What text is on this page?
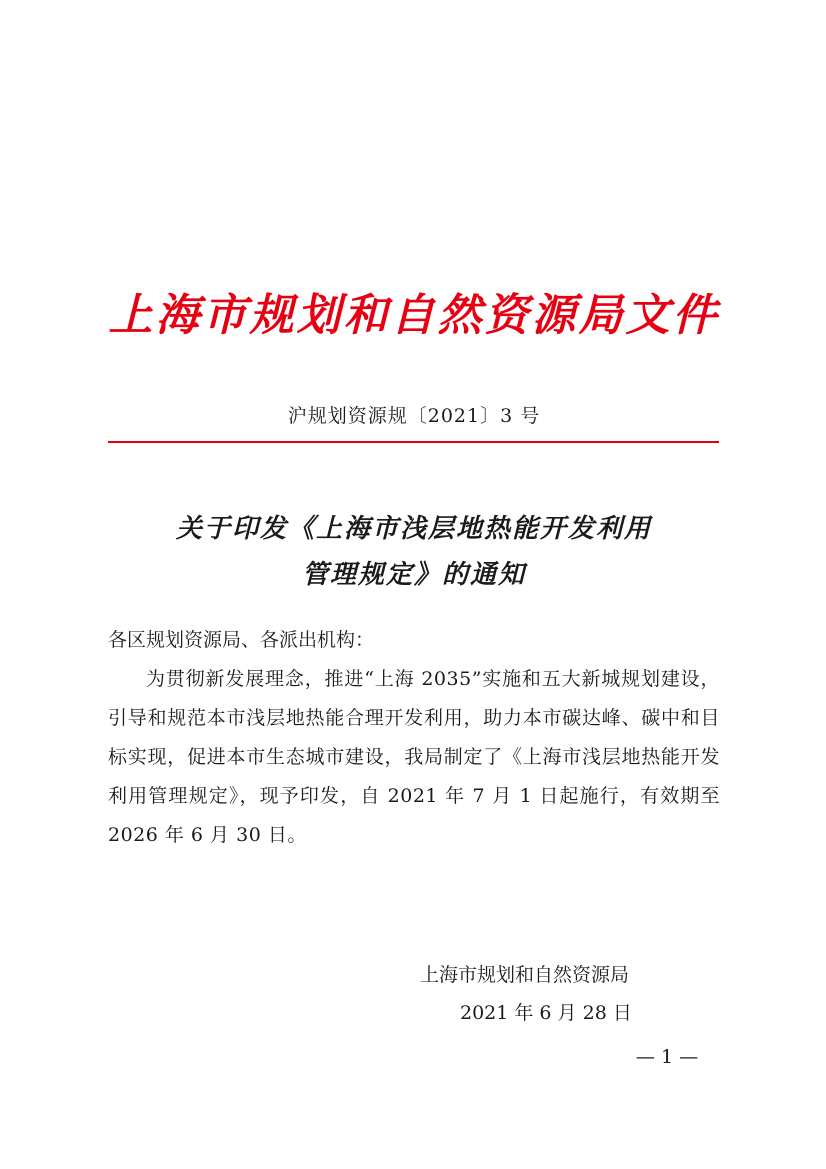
上海市规划和自然资源局文件
沪规划资源规〔2021〕3 号
关于印发《上海市浅层地热能开发利用
管理规定》的通知

各区规划资源局、各派出机构：

为贯彻新发展理念，推进“上海 2035”实施和五大新城规划建设，引导和规范本市浅层地热能合理开发利用，助力本市碳达峰、碳中和目标实现，促进本市生态城市建设，我局制定了《上海市浅层地热能开发利用管理规定》，现予印发，自 2021 年 7 月 1 日起施行，有效期至 2026 年 6 月 30 日。

上海市规划和自然资源局
2021 年 6 月 28 日
— 1 —
